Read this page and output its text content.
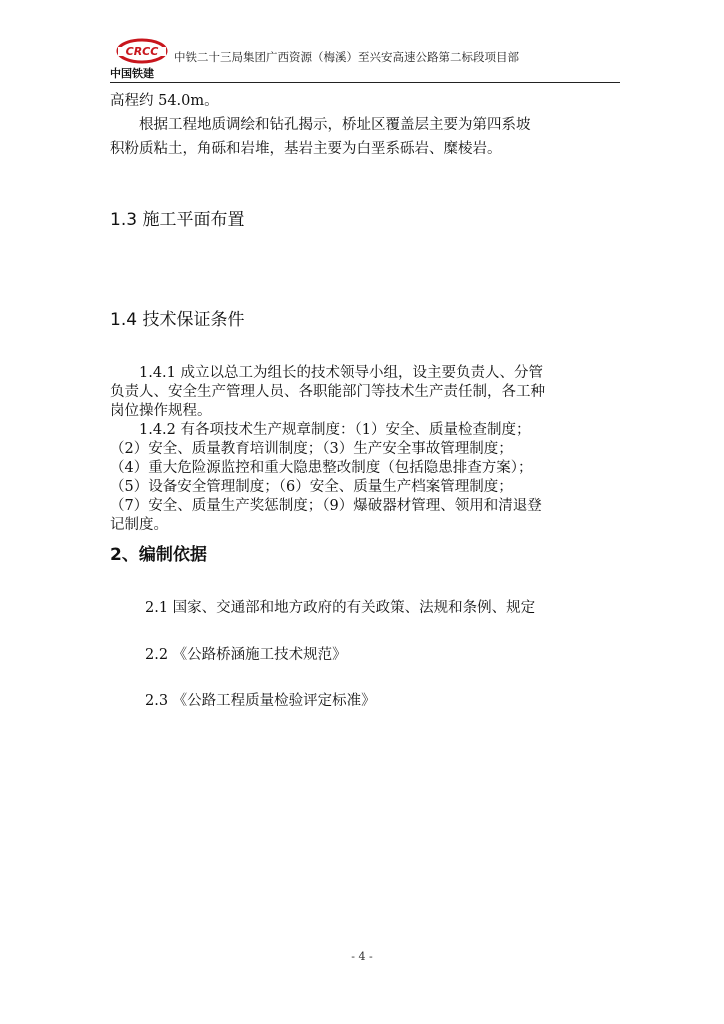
CRCC
中国铁建
中铁二十三局集团广西资源（梅溪）至兴安高速公路第二标段项目部
高程约 54.0m。
　　根据工程地质调绘和钻孔揭示，桥址区覆盖层主要为第四系坡
积粉质粘土，角砾和岩堆，基岩主要为白垩系砾岩、糜棱岩。
1.3 施工平面布置
1.4 技术保证条件
　　1.4.1 成立以总工为组长的技术领导小组，设主要负责人、分管
负责人、安全生产管理人员、各职能部门等技术生产责任制，各工种
岗位操作规程。
　　1.4.2 有各项技术生产规章制度：（1）安全、质量检查制度；
（2）安全、质量教育培训制度；（3）生产安全事故管理制度；
（4）重大危险源监控和重大隐患整改制度（包括隐患排查方案）；
（5）设备安全管理制度；（6）安全、质量生产档案管理制度；
（7）安全、质量生产奖惩制度；（9）爆破器材管理、领用和清退登
记制度。
2、编制依据
2.1 国家、交通部和地方政府的有关政策、法规和条例、规定
2.2 《公路桥涵施工技术规范》
2.3 《公路工程质量检验评定标准》
- 4 -
